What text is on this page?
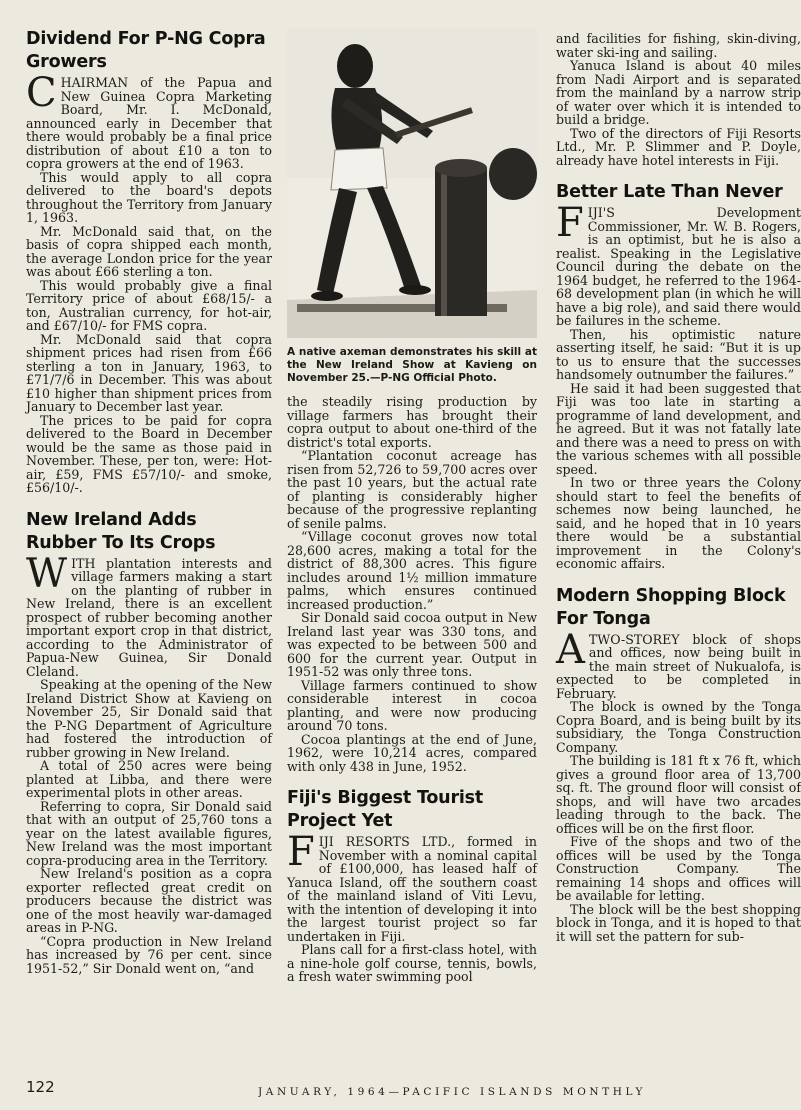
Dividend For P-NG Copra Growers

CHAIRMAN of the Papua and New Guinea Copra Marketing Board, Mr. I. McDonald, announced early in December that there would probably be a final price distribution of about £10 a ton to copra growers at the end of 1963.

This would apply to all copra delivered to the board's depots throughout the Territory from January 1, 1963.

Mr. McDonald said that, on the basis of copra shipped each month, the average London price for the year was about £66 sterling a ton.

This would probably give a final Territory price of about £68/15/- a ton, Australian currency, for hot-air, and £67/10/- for FMS copra.

Mr. McDonald said that copra shipment prices had risen from £66 sterling a ton in January, 1963, to £71/7/6 in December. This was about £10 higher than shipment prices from January to December last year.

The prices to be paid for copra delivered to the Board in December would be the same as those paid in November. These, per ton, were: Hot-air, £59, FMS £57/10/- and smoke, £56/10/-.

New Ireland Adds Rubber To Its Crops

WITH plantation interests and village farmers making a start on the planting of rubber in New Ireland, there is an excellent prospect of rubber becoming another important export crop in that district, according to the Administrator of Papua-New Guinea, Sir Donald Cleland.

Speaking at the opening of the New Ireland District Show at Kavieng on November 25, Sir Donald said that the P-NG Department of Agriculture had fostered the introduction of rubber growing in New Ireland.

A total of 250 acres were being planted at Libba, and there were experimental plots in other areas.

Referring to copra, Sir Donald said that with an output of 25,760 tons a year on the latest available figures, New Ireland was the most important copra-producing area in the Territory.

New Ireland's position as a copra exporter reflected great credit on producers because the district was one of the most heavily war-damaged areas in P-NG.

“Copra production in New Ireland has increased by 76 per cent. since 1951-52,” Sir Donald went on, “and

A native axeman demonstrates his skill at the New Ireland Show at Kavieng on November 25.—P-NG Official Photo.

the steadily rising production by village farmers has brought their copra output to about one-third of the district's total exports.

“Plantation coconut acreage has risen from 52,726 to 59,700 acres over the past 10 years, but the actual rate of planting is considerably higher because of the progressive replanting of senile palms.

“Village coconut groves now total 28,600 acres, making a total for the district of 88,300 acres. This figure includes around 1½ million immature palms, which ensures continued increased production.”

Sir Donald said cocoa output in New Ireland last year was 330 tons, and was expected to be between 500 and 600 for the current year. Output in 1951-52 was only three tons.

Village farmers continued to show considerable interest in cocoa planting, and were now producing around 70 tons.

Cocoa plantings at the end of June, 1962, were 10,214 acres, compared with only 438 in June, 1952.

Fiji's Biggest Tourist Project Yet

FIJI RESORTS LTD., formed in November with a nominal capital of £100,000, has leased half of Yanuca Island, off the southern coast of the mainland island of Viti Levu, with the intention of developing it into the largest tourist project so far undertaken in Fiji.

Plans call for a first-class hotel, with a nine-hole golf course, tennis, bowls, a fresh water swimming pool

and facilities for fishing, skin-diving, water ski-ing and sailing.

Yanuca Island is about 40 miles from Nadi Airport and is separated from the mainland by a narrow strip of water over which it is intended to build a bridge.

Two of the directors of Fiji Resorts Ltd., Mr. P. Slimmer and P. Doyle, already have hotel interests in Fiji.

Better Late Than Never

FIJI'S Development Commissioner, Mr. W. B. Rogers, is an optimist, but he is also a realist. Speaking in the Legislative Council during the debate on the 1964 budget, he referred to the 1964-68 development plan (in which he will have a big role), and said there would be failures in the scheme.

Then, his optimistic nature asserting itself, he said: “But it is up to us to ensure that the successes handsomely outnumber the failures.”

He said it had been suggested that Fiji was too late in starting a programme of land development, and he agreed. But it was not fatally late and there was a need to press on with the various schemes with all possible speed.

In two or three years the Colony should start to feel the benefits of schemes now being launched, he said, and he hoped that in 10 years there would be a substantial improvement in the Colony's economic affairs.

Modern Shopping Block For Tonga

ATWO-STOREY block of shops and offices, now being built in the main street of Nukualofa, is expected to be completed in February.

The block is owned by the Tonga Copra Board, and is being built by its subsidiary, the Tonga Construction Company.

The building is 181 ft x 76 ft, which gives a ground floor area of 13,700 sq. ft. The ground floor will consist of shops, and will have two arcades leading through to the back. The offices will be on the first floor.

Five of the shops and two of the offices will be used by the Tonga Construction Company. The remaining 14 shops and offices will be available for letting.

The block will be the best shopping block in Tonga, and it is hoped to that it will set the pattern for sub-

122	JANUARY, 1964—PACIFIC ISLANDS MONTHLY
